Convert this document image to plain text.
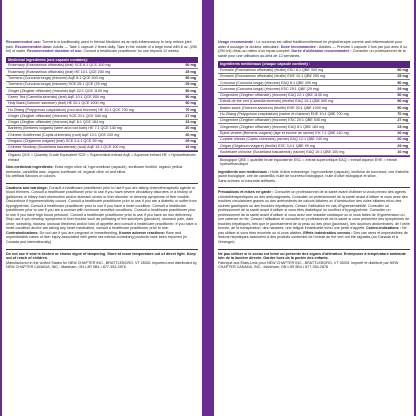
Recommended use: Turmeric is traditionally used in Herbal Medicine as an anti-inflammatory to help relieve joint pain. Recommended dose: Adults — Take 1 capsule 2 times daily. Take in the middle of a large meal with 8 oz. (250 ml) of water. Recommended duration of use: Consult a healthcare practitioner for use beyond 12 weeks.
Medicinal ingredients (one capsule contains):
Rosemary (Rosmarinus officinalis) (leaf) SCE 6:1 QCE 300 mg	50 mg
Rosemary (Rosmarinus officinalis) (leaf) HE 10:1 QCE 250 mg	25 mg
Turmeric (Curcuma longa) (rhizome) AqE 8:1 QCE 400 mg	50 mg
Turmeric (Curcuma longa) (rhizome) SCE 25:1 QCE (29 mg)	29 mg
Ginger (Zingiber officinale) (rhizome) AqE 22:1 QCE 1100 mg	50 mg
Green Tea (Camellia sinensis) (leaf) AqE 10:1 QCE 500 mg	50 mg
Holy Basil (Ocimum sanctum) (leaf) HE 20:1 QCE 1000 mg	50 mg
Hu Zhang (Polygonum cuspidatum) (root and rhizome) HE 10:1 QCE 700 mg	70 mg
Ginger (Zingiber officinale) (rhizome) SCE 20:1 QCE 540 mg	27 mg
Ginger (Zingiber officinale) (rhizome) AqE 8:1 QCE 184 mg	23 mg
Barberry (Berberis vulgaris) (stem and root bark) HE 7:1 QCE 140 mg	20 mg
Chinese Goldthread (Coptis chinensis) (root) AqE 12:1 QCE 240 mg	20 mg
Oregano (Origanum vulgare) (leaf) SCE 3.4:1 QCE 99 mg	29 mg
Chinese Skullcap (Scutellaria baicalensis) (root) AqE 10:1 QCE 100 mg	10 mg
Organic QCE = Quantity Crude Equivalent SCE = Supercritical extract AqE = Aqueous extract HE = Hydroethanolic extract
Non-medicinal ingredients: Extra virgin olive oil, hypromellose (capsule), sunflower lecithin, organic yellow beeswax, candelilla wax, organic sunflower oil, organic olive oil and silica.
No artificial flavours or colours.
Cautions and warnings: Consult a healthcare practitioner prior to use if you are taking chemotherapeutic agents or blood thinners. Consult a healthcare practitioner prior to use if you have severe circulatory disorders or a history of gallstones or biliary tract obstruction and/or stomach ulcers or liver disorder or develop symptoms of liver trouble. Discontinue if hypersensitivity occurs. Consult a healthcare practitioner prior to use if you are a diabetic or suffer from hypoglycemia. Consult a healthcare practitioner prior to use if you have a heart condition. Consult a healthcare practitioner prior to use if you are a woman with hormone sensitive conditions. Consult a healthcare practitioner prior to use if you have high blood pressure. Consult a healthcare practitioner prior to use if you have an iron deficiency. Stop use if you develop symptoms of liver trouble such as yellowing of the skin/eyes (jaundice), stomach pain, dark urine, sweating, nausea, unusual tiredness and/or loss of appetite and consult a healthcare practitioner. If you have a heart condition and/or are taking any heart medication, consult a healthcare practitioner prior to use. Contraindications: Do not use if you are pregnant or breastfeeding. Known adverse reactions: Rare and unpredictable cases of liver injury associated with green tea extract-containing products have been reported (in Canada and internationally).
Do not use if seal is broken or shows signs of tampering. Store at room temperature out of direct light. Keep out of reach of children.
Manufactured in the United States for NEW CHAPTER INC., BRATTLEBORO, VT 05301 Imported and distributed by NEW CHAPTER CANADA, INC., Markham, ON L3R 5B4 • 877-354-2876
Usage recommandé : Le curcuma est utilisé traditionnellement en phytothérapie comme anti-inflammatoire pour aider à soulager la douleur articulaire. Dose recommandée : Adultes — Prendre 1 capsule 2 fois par jour avec 8 oz. (250 ml) d'eau au milieu d'un repas complet. Durée d'utilisation recommandée : Consulter un professionnel de la santé pour une utilisation au-delà de 12 semaines.
Ingrédients médicinaux (chaque capsule contient) :
Romarin (Rosmarinus officinalis) (feuille) ESC 6:1 QBE 300 mg	50 mg
Romarin (Rosmarinus officinalis) (feuille) EHE 10:1 QBE 250 mg	25 mg
Curcuma (Curcuma longa) (rhizome) EAQ 8:1 QBE 400 mg	50 mg
Curcuma (Curcuma longa) (rhizome) ESC 25:1 QBE (29 mg)	29 mg
Gingembre (Zingiber officinale) (rhizome) EAQ 22:1 QBE 1100 mg	50 mg
Extrait de thé vert (Camellia sinensis) (feuille) EAQ 10:1 QBE 500 mg	50 mg
Basilic sacré (Ocimum sanctum) (feuille) EHE 20:1 QBE 1000 mg	50 mg
Hu Zhang (Polygonum cuspidatum) (racine et rhizome) EHE 10:1 QBE 700 mg	70 mg
Gingembre (Zingiber officinale) (rhizome) ESC 20:1 QBE 540 mg	27 mg
Gingembre (Zingiber officinale) (rhizome) EAQ 8:1 QBE 184 mg	23 mg
Épine-vinette (Berberis vulgaris) (tige et écorce de racine) EH 7:1 QBE 140 mg	20 mg
Coptide chinois (Coptis chinensis) (racine) EAQ 12:1 QBE 240 mg	20 mg
Origan (Origanum vulgare) (feuille) ESC 3,4:1 QBE 99 mg	29 mg
Scutellaire chinoise (Scutellaria baicalensis) (racine) EAQ 10:1 QBE 100 mg	10 mg
Biologique QBE = quantité brute équivalente ESC = extrait supercritique EAQ = extrait aqueux EHE = extrait hydroéthanolique
Ingrédients non médicinaux : Huile d'olive extravierge, hypromellose (capsule), lécithine de tournesol, cire d'abeille jaune biologique, cire de candelilla, huile de tournesol biologique, huile d'olive biologique et silice.
Sans arômes ni colorants artificiels.
Précautions et mises en garde : Consulter un professionnel de la santé avant d'utiliser si vous prenez des agents chimiothérapeutiques ou des anticoagulants. Consulter un professionnel de la santé avant d'utiliser si vous avez des troubles circulatoires graves ou des antécédents de calculs biliaires ou d'obstruction des voies biliaires et/ou des ulcères gastriques ou des troubles hépatiques. Cesser l'utilisation en cas d'hypersensibilité. Consulter un professionnel de la santé avant d'utiliser si vous êtes diabétique ou souffrez d'hypoglycémie. Consulter un professionnel de la santé avant d'utiliser si vous avez une maladie cardiaque ou si vous faites de l'hypertension ou une carence en fer. Cesser l'utilisation et consulter un professionnel de la santé si vous présentez des symptômes de troubles hépatiques, tels que le jaunissement de la peau ou des yeux (jaunisse), des douleurs abdominales, de l'urine foncée, de la transpiration, des nausées, une fatigue inhabituelle et/ou une perte d'appétit. Contre-indications : Ne pas utiliser si vous êtes enceinte ou si vous allaitez. Effets indésirables connus : Des cas rares et imprévisibles de lésions hépatiques associées à des produits contenant de l'extrait de thé vert ont été signalés (au Canada et à l'étranger).
Ne pas utiliser si le sceau est brisé ou présente des signes d'altération. Entreposer à température ambiante loin de la lumière directe. Garder hors de la portée des enfants.
Fabriqué aux États-Unis pour NEW CHAPTER INC., BRATTLEBORO, VT 05301 Importé et distribué par NEW CHAPTER CANADA, INC., Markham, ON L3R 5B4 • 877-354-2876
